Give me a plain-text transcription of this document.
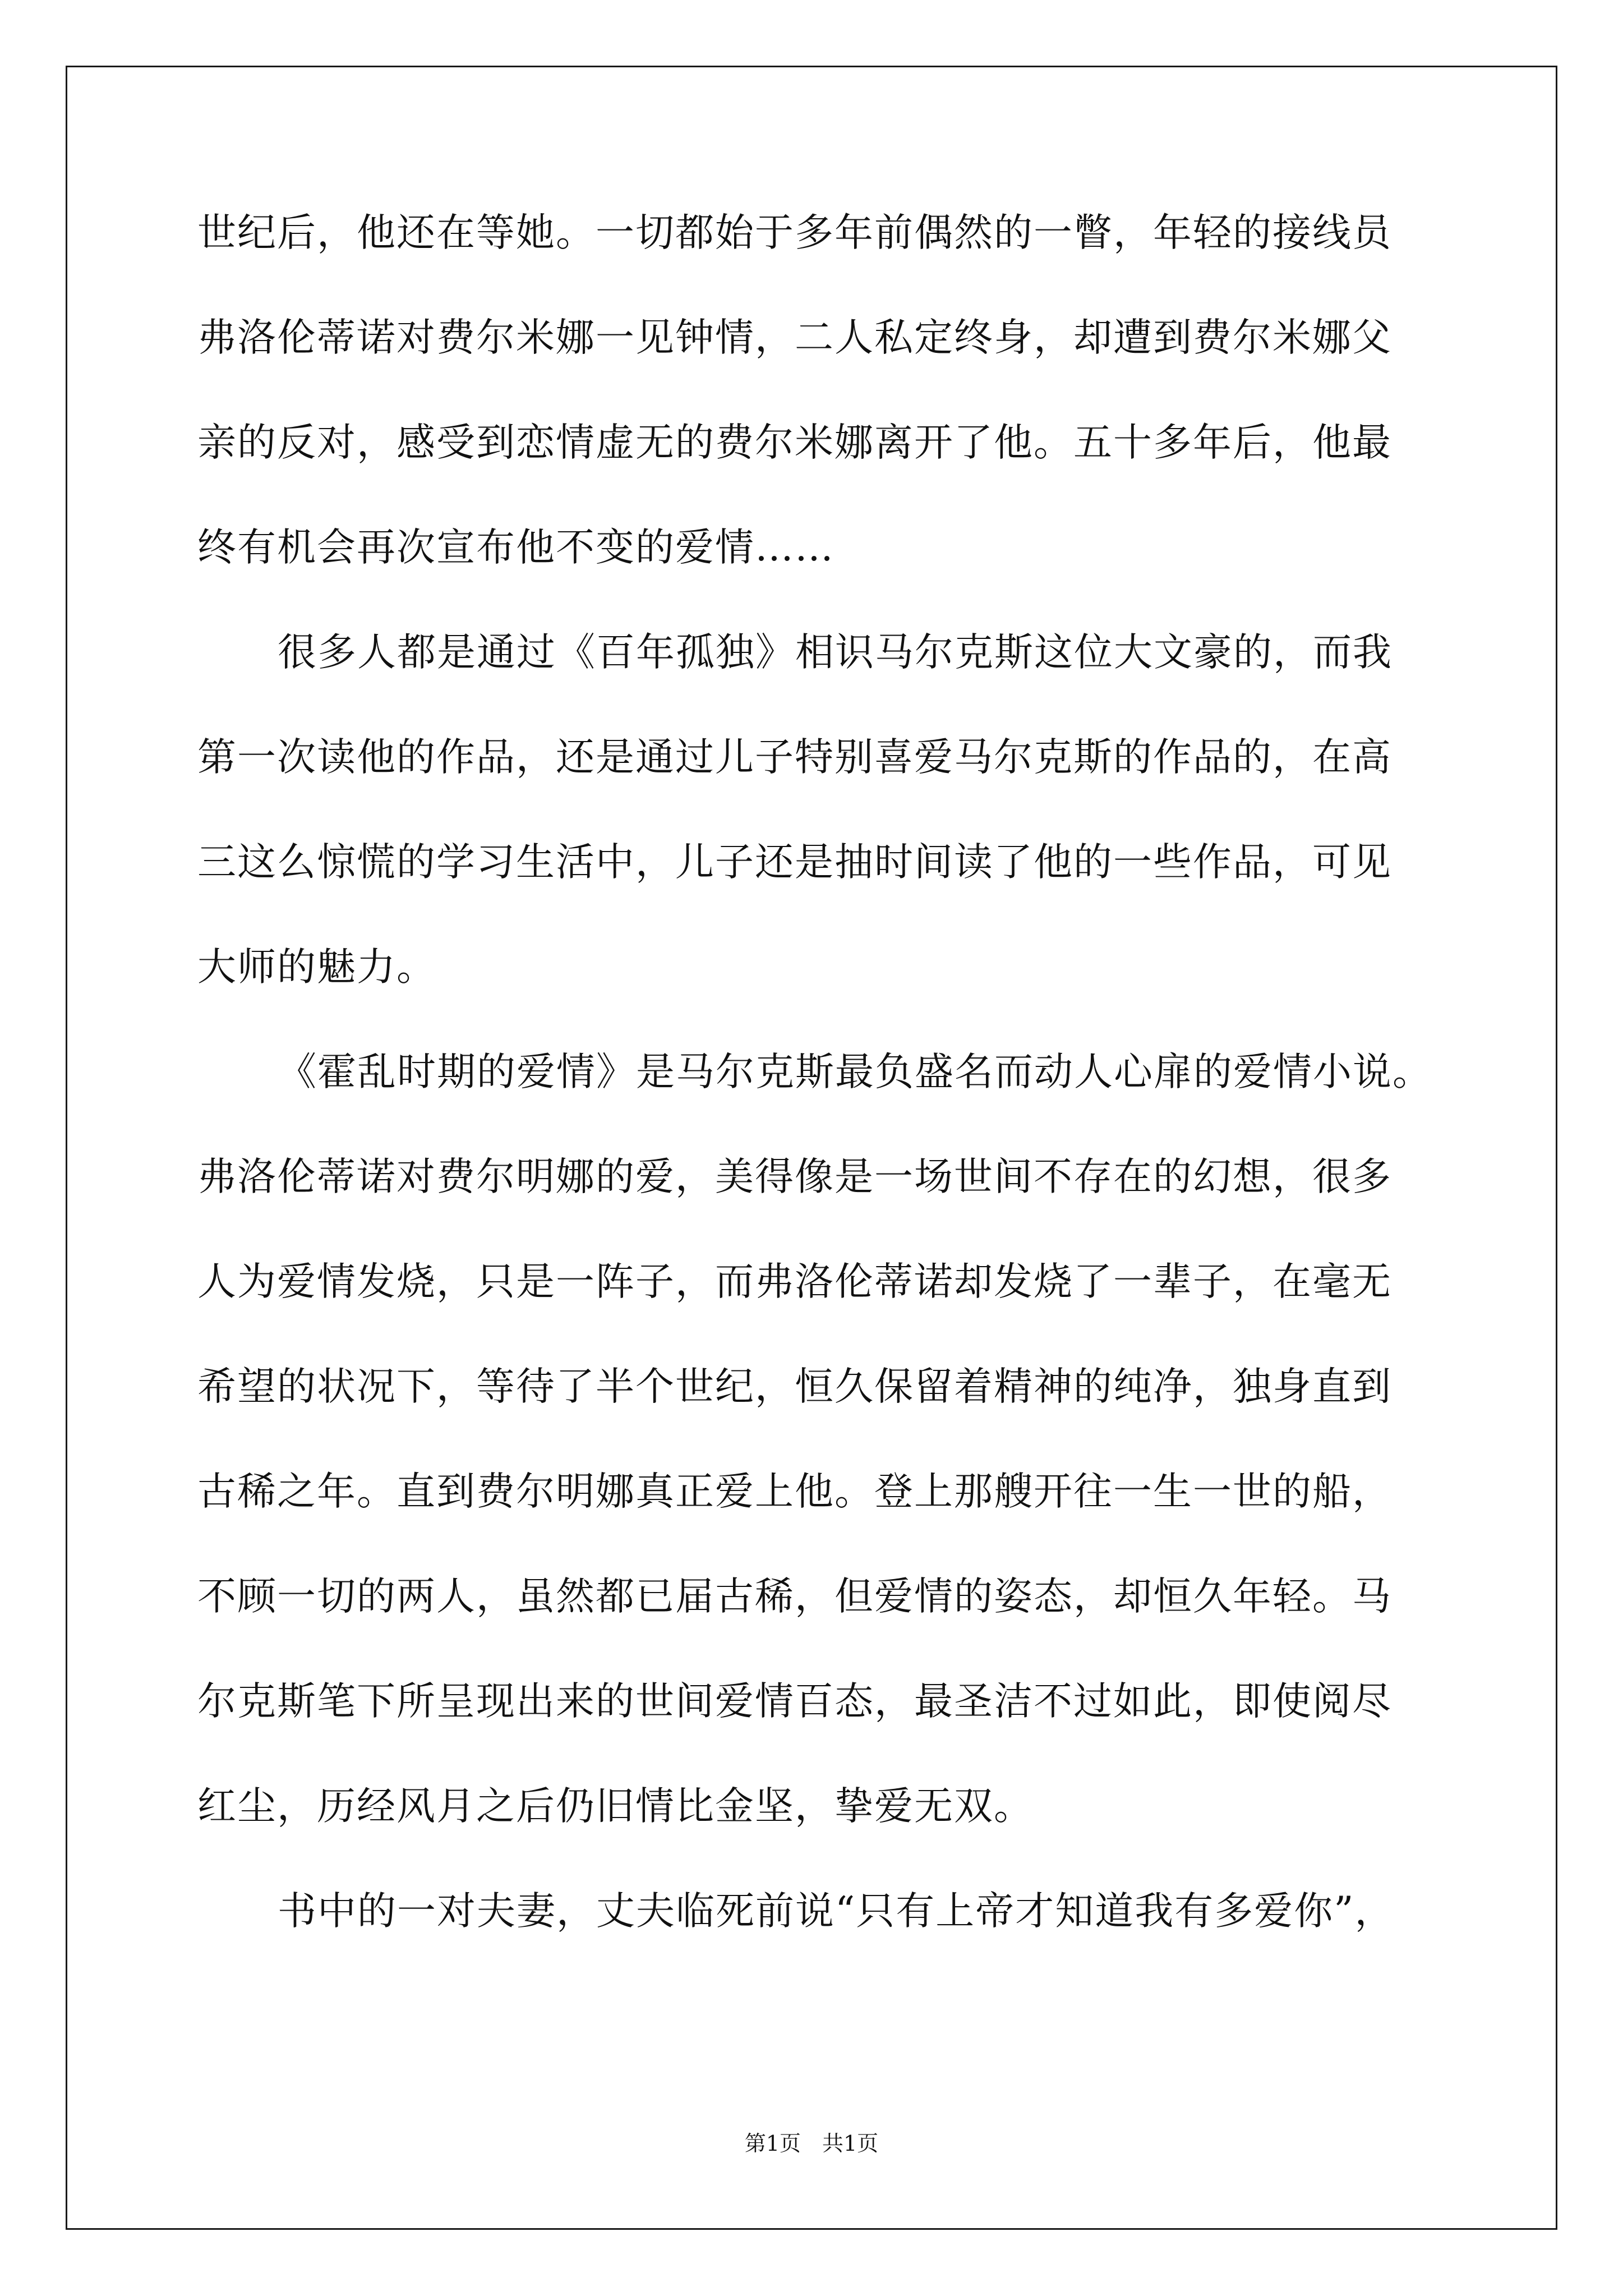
世纪后，他还在等她。一切都始于多年前偶然的一瞥，年轻的接线员
弗洛伦蒂诺对费尔米娜一见钟情，二人私定终身，却遭到费尔米娜父
亲的反对，感受到恋情虚无的费尔米娜离开了他。五十多年后，他最
终有机会再次宣布他不变的爱情……
很多人都是通过《百年孤独》相识马尔克斯这位大文豪的，而我
第一次读他的作品，还是通过儿子特别喜爱马尔克斯的作品的，在高
三这么惊慌的学习生活中，儿子还是抽时间读了他的一些作品，可见
大师的魅力。
《霍乱时期的爱情》是马尔克斯最负盛名而动人心扉的爱情小说。
弗洛伦蒂诺对费尔明娜的爱，美得像是一场世间不存在的幻想，很多
人为爱情发烧，只是一阵子，而弗洛伦蒂诺却发烧了一辈子，在毫无
希望的状况下，等待了半个世纪，恒久保留着精神的纯净，独身直到
古稀之年。直到费尔明娜真正爱上他。登上那艘开往一生一世的船，
不顾一切的两人，虽然都已届古稀，但爱情的姿态，却恒久年轻。马
尔克斯笔下所呈现出来的世间爱情百态，最圣洁不过如此，即使阅尽
红尘，历经风月之后仍旧情比金坚，挚爱无双。
书中的一对夫妻，丈夫临死前说“只有上帝才知道我有多爱你”，
第1页　共1页
